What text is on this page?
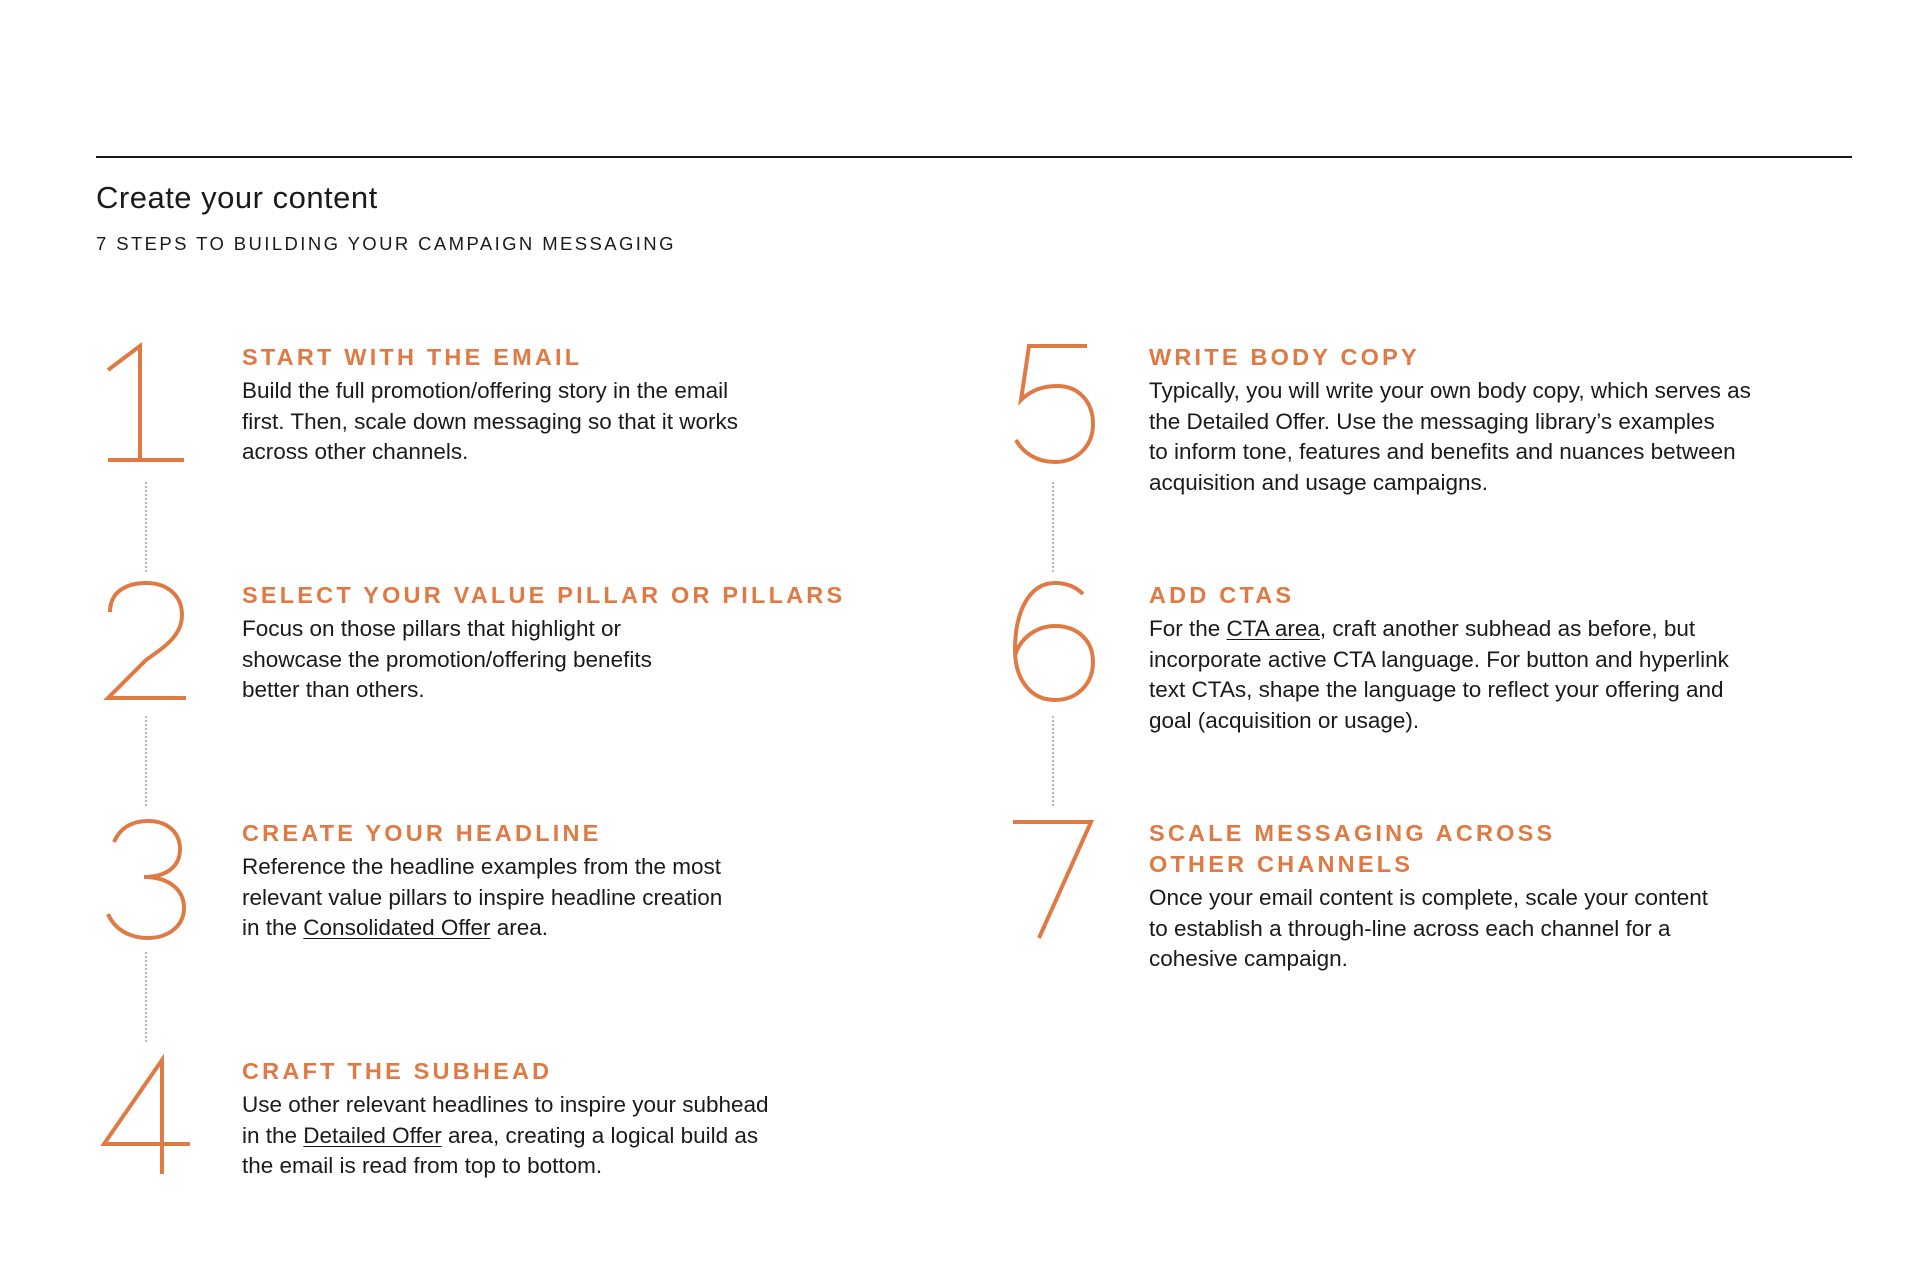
Create your content
7 STEPS TO BUILDING YOUR CAMPAIGN MESSAGING
START WITH THE EMAIL
Build the full promotion/offering story in the email
first. Then, scale down messaging so that it works
across other channels.
SELECT YOUR VALUE PILLAR OR PILLARS
Focus on those pillars that highlight or
showcase the promotion/offering benefits
better than others.
CREATE YOUR HEADLINE
Reference the headline examples from the most
relevant value pillars to inspire headline creation
in the Consolidated Offer area.
CRAFT THE SUBHEAD
Use other relevant headlines to inspire your subhead
in the Detailed Offer area, creating a logical build as
the email is read from top to bottom.
WRITE BODY COPY
Typically, you will write your own body copy, which serves as
the Detailed Offer. Use the messaging library’s examples
to inform tone, features and benefits and nuances between
acquisition and usage campaigns.
ADD CTAS
For the CTA area, craft another subhead as before, but
incorporate active CTA language. For button and hyperlink
text CTAs, shape the language to reflect your offering and
goal (acquisition or usage).
SCALE MESSAGING ACROSS
OTHER CHANNELS
Once your email content is complete, scale your content
to establish a through-line across each channel for a
cohesive campaign.
